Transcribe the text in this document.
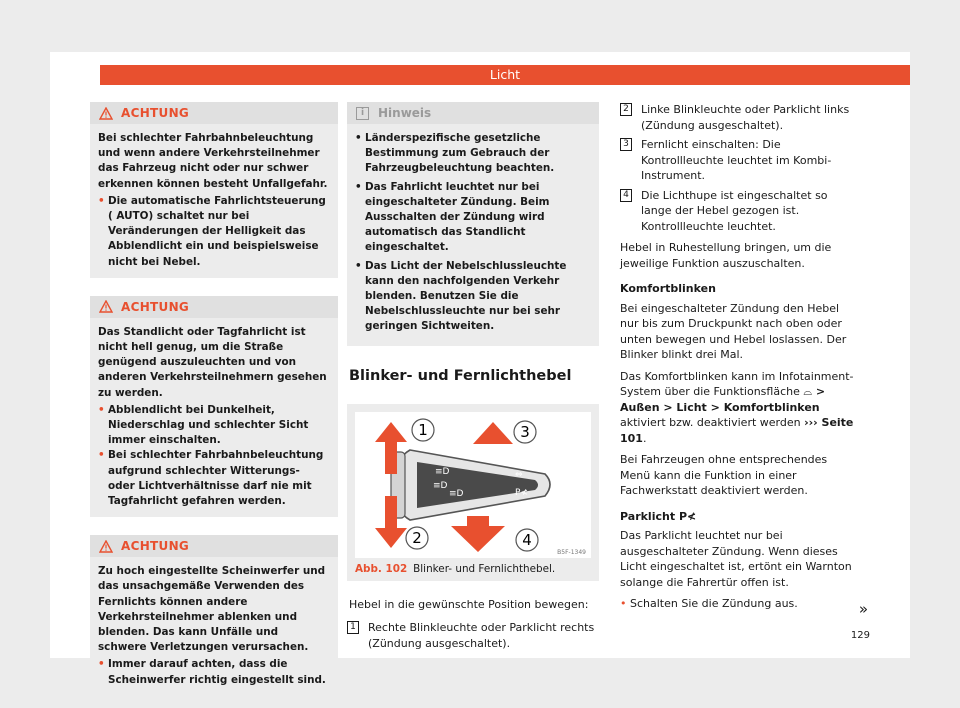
Licht
ACHTUNG

Bei schlechter Fahrbahnbeleuchtung und wenn andere Verkehrsteilnehmer das Fahrzeug nicht oder nur schwer erkennen können besteht Unfallgefahr.

• Die automatische Fahrlichtsteuerung ( AUTO) schaltet nur bei Veränderungen der Helligkeit das Abblendlicht ein und beispielsweise nicht bei Nebel.
ACHTUNG

Das Standlicht oder Tagfahrlicht ist nicht hell genug, um die Straße genügend auszuleuchten und von anderen Verkehrsteilnehmern gesehen zu werden.

• Abblendlicht bei Dunkelheit, Niederschlag und schlechter Sicht immer einschalten.
• Bei schlechter Fahrbahnbeleuchtung aufgrund schlechter Witterungs- oder Lichtverhältnisse darf nie mit Tagfahrlicht gefahren werden.
ACHTUNG

Zu hoch eingestellte Scheinwerfer und das unsachgemäße Verwenden des Fernlichts können andere Verkehrsteilnehmer ablenken und blenden. Das kann Unfälle und schwere Verletzungen verursachen.

• Immer darauf achten, dass die Scheinwerfer richtig eingestellt sind.
i	Hinweis
• Länderspezifische gesetzliche Bestimmung zum Gebrauch der Fahrzeugbeleuchtung beachten.
• Das Fahrlicht leuchtet nur bei eingeschalteter Zündung. Beim Ausschalten der Zündung wird automatisch das Standlicht eingeschaltet.
• Das Licht der Nebelschlussleuchte kann den nachfolgenden Verkehr blenden. Benutzen Sie die Nebelschlussleuchte nur bei sehr geringen Sichtweiten.
Blinker- und Fernlichthebel
≡D
≡D
≡D
⇔
P≮
1
2
3
4
B5F-1349
Abb. 102 Blinker- und Fernlichthebel.
Hebel in die gewünschte Position bewegen:
1 Rechte Blinkleuchte oder Parklicht rechts (Zündung ausgeschaltet).
2 Linke Blinkleuchte oder Parklicht links (Zündung ausgeschaltet).
3 Fernlicht einschalten: Die Kontrollleuchte leuchtet im Kombi-Instrument.
4 Die Lichthupe ist eingeschaltet so lange der Hebel gezogen ist. Kontrollleuchte leuchtet.
Hebel in Ruhestellung bringen, um die jeweilige Funktion auszuschalten.
Komfortblinken
Bei eingeschalteter Zündung den Hebel nur bis zum Druckpunkt nach oben oder unten bewegen und Hebel loslassen. Der Blinker blinkt drei Mal.
Das Komfortblinken kann im Infotainment-System über die Funktionsfläche ⌓ > Außen > Licht > Komfortblinken aktiviert bzw. deaktiviert werden ››› Seite 101.
Bei Fahrzeugen ohne entsprechendes Menü kann die Funktion in einer Fachwerkstatt deaktiviert werden.
Parklicht P≮
Das Parklicht leuchtet nur bei ausgeschalteter Zündung. Wenn dieses Licht eingeschaltet ist, ertönt ein Warnton solange die Fahrertür offen ist.
• Schalten Sie die Zündung aus.	»
129
